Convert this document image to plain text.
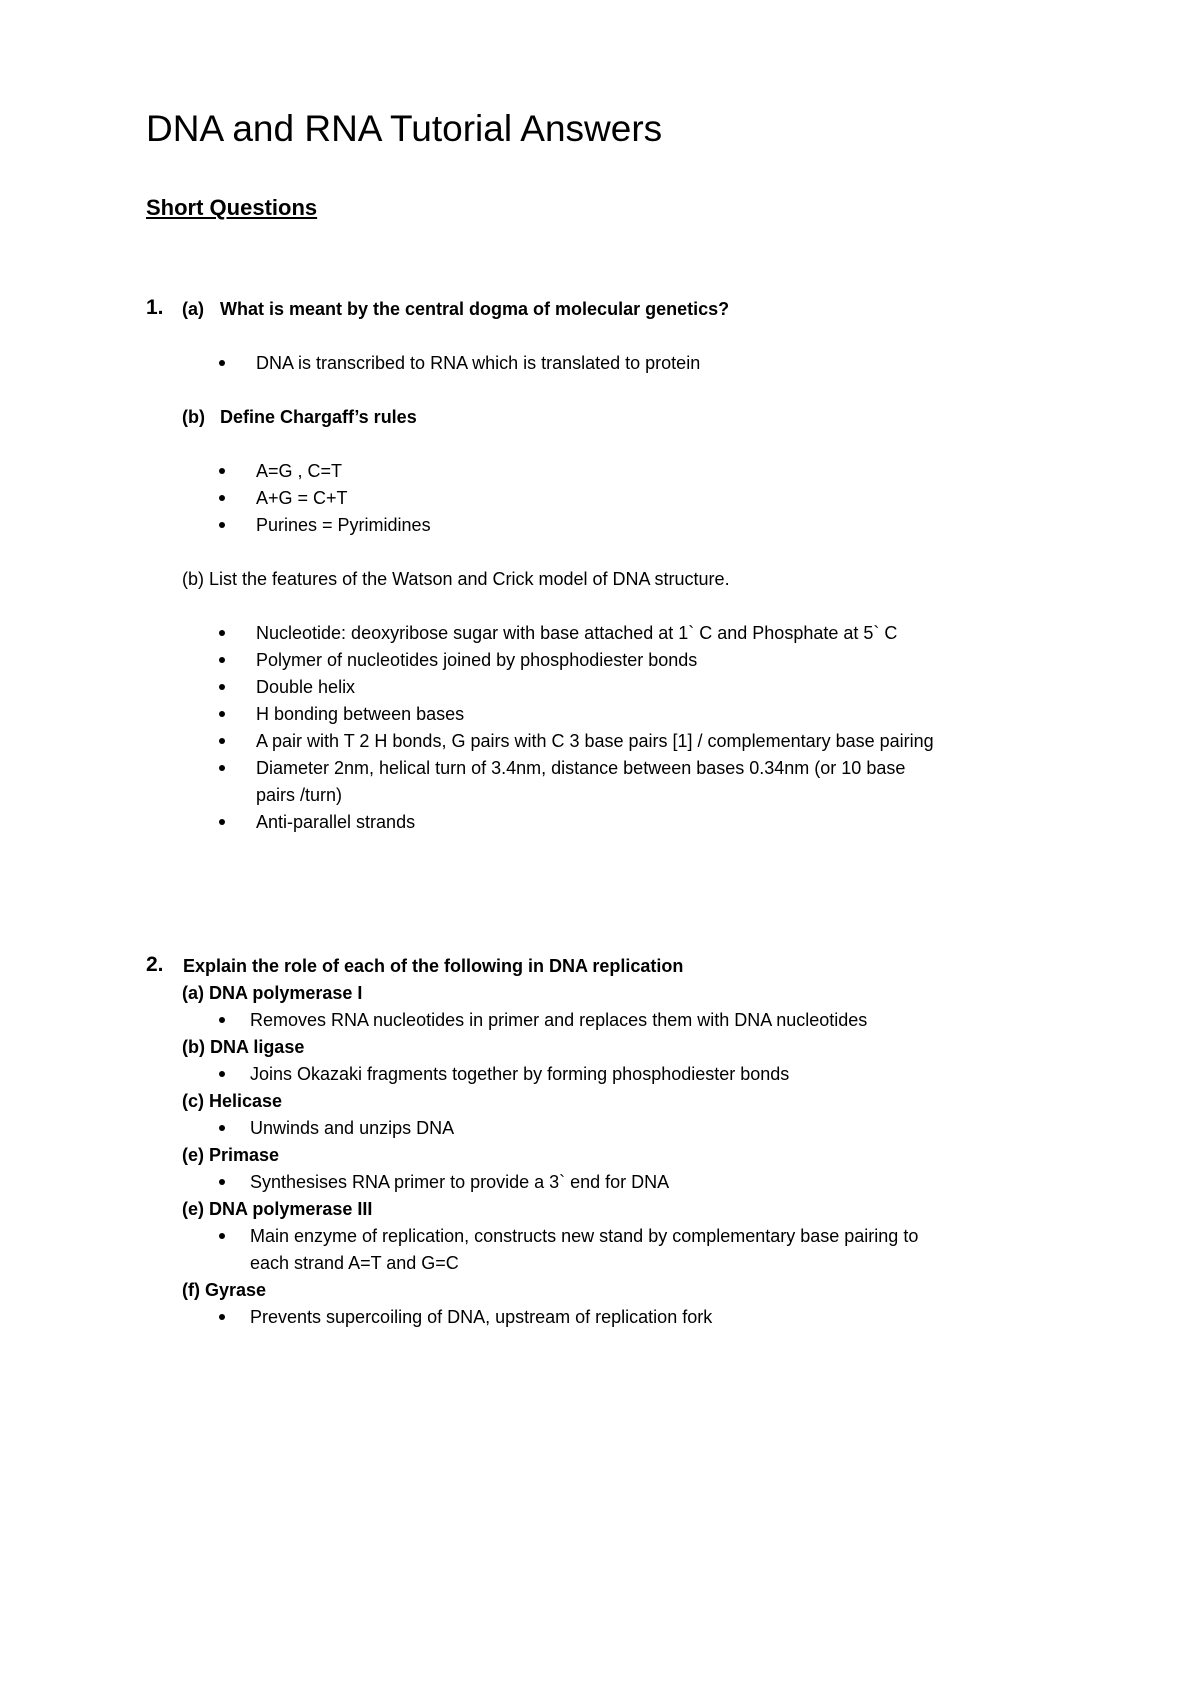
DNA and RNA Tutorial Answers
Short Questions
1. (a) What is meant by the central dogma of molecular genetics?
DNA is transcribed to RNA which is translated to protein
(b) Define Chargaff’s rules
A=G , C=T
A+G = C+T
Purines = Pyrimidines
(b) List the features of the Watson and Crick model of DNA structure.
Nucleotide: deoxyribose sugar with base attached at 1` C and Phosphate at 5` C
Polymer of nucleotides joined by phosphodiester bonds
Double helix
H bonding between bases
A pair with T 2 H bonds, G pairs with C 3 base pairs [1] / complementary base pairing
Diameter 2nm, helical turn of 3.4nm, distance between bases 0.34nm (or 10 base
pairs /turn)
Anti-parallel strands
2. Explain the role of each of the following in DNA replication
(a) DNA polymerase I
Removes RNA nucleotides in primer and replaces them with DNA nucleotides
(b) DNA ligase
Joins Okazaki fragments together by forming phosphodiester bonds
(c) Helicase
Unwinds and unzips DNA
(e) Primase
Synthesises RNA primer to provide a 3` end for DNA
(e) DNA polymerase III
Main enzyme of replication, constructs new stand by complementary base pairing to
each strand A=T and G=C
(f) Gyrase
Prevents supercoiling of DNA, upstream of replication fork
